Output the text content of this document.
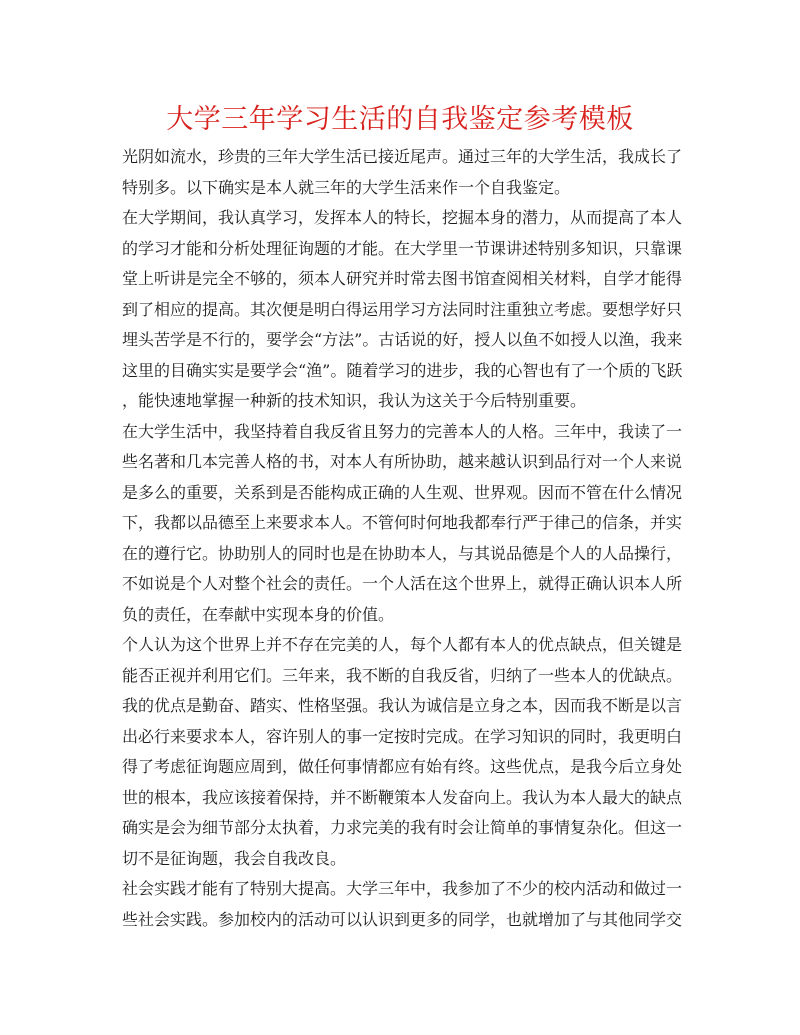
大学三年学习生活的自我鉴定参考模板
光阴如流水，珍贵的三年大学生活已接近尾声。通过三年的大学生活，我成长了
特别多。以下确实是本人就三年的大学生活来作一个自我鉴定。
在大学期间，我认真学习，发挥本人的特长，挖掘本身的潜力，从而提高了本人
的学习才能和分析处理征询题的才能。在大学里一节课讲述特别多知识，只靠课
堂上听讲是完全不够的，须本人研究并时常去图书馆查阅相关材料，自学才能得
到了相应的提高。其次便是明白得运用学习方法同时注重独立考虑。要想学好只
埋头苦学是不行的，要学会“方法”。古话说的好，授人以鱼不如授人以渔，我来
这里的目确实实是要学会“渔”。随着学习的进步，我的心智也有了一个质的飞跃
，能快速地掌握一种新的技术知识，我认为这关于今后特别重要。
在大学生活中，我坚持着自我反省且努力的完善本人的人格。三年中，我读了一
些名著和几本完善人格的书，对本人有所协助，越来越认识到品行对一个人来说
是多么的重要，关系到是否能构成正确的人生观、世界观。因而不管在什么情况
下，我都以品德至上来要求本人。不管何时何地我都奉行严于律己的信条，并实
在的遵行它。协助别人的同时也是在协助本人，与其说品德是个人的人品操行，
不如说是个人对整个社会的责任。一个人活在这个世界上，就得正确认识本人所
负的责任，在奉献中实现本身的价值。
个人认为这个世界上并不存在完美的人，每个人都有本人的优点缺点，但关键是
能否正视并利用它们。三年来，我不断的自我反省，归纳了一些本人的优缺点。
我的优点是勤奋、踏实、性格坚强。我认为诚信是立身之本，因而我不断是以言
出必行来要求本人，容许别人的事一定按时完成。在学习知识的同时，我更明白
得了考虑征询题应周到，做任何事情都应有始有终。这些优点，是我今后立身处
世的根本，我应该接着保持，并不断鞭策本人发奋向上。我认为本人最大的缺点
确实是会为细节部分太执着，力求完美的我有时会让简单的事情复杂化。但这一
切不是征询题，我会自我改良。
社会实践才能有了特别大提高。大学三年中，我参加了不少的校内活动和做过一
些社会实践。参加校内的活动可以认识到更多的同学，也就增加了与其他同学交
